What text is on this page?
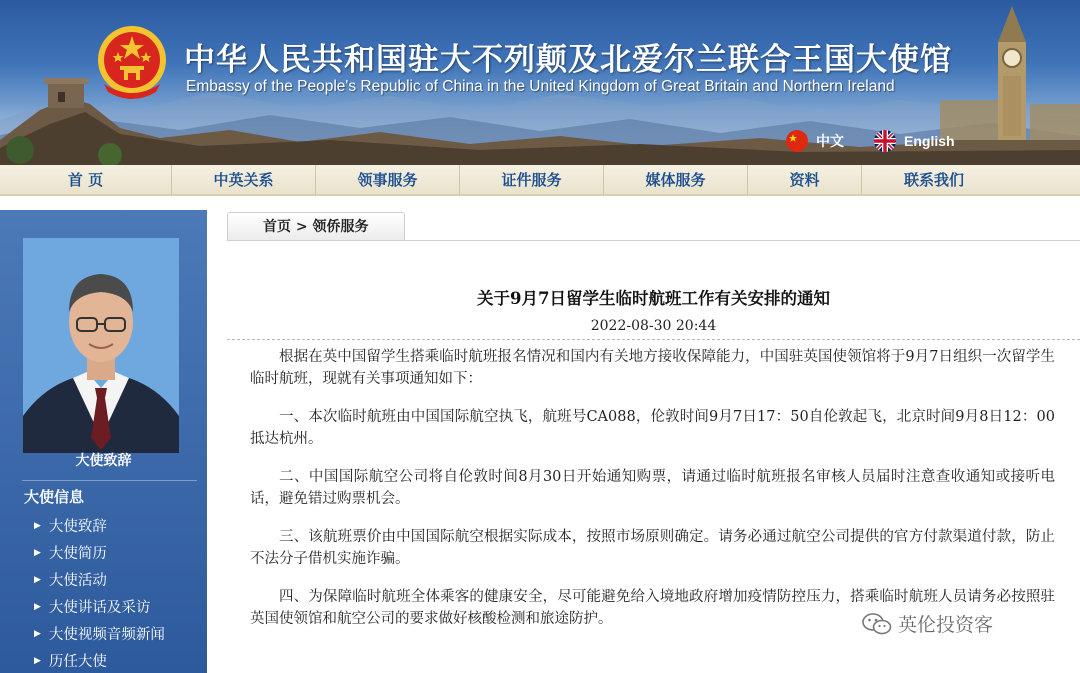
中华人民共和国驻大不列颠及北爱尔兰联合王国大使馆
Embassy of the People's Republic of China in the United Kingdom of Great Britain and Northern Ireland
中文	English
首 页	中英关系	领事服务	证件服务	媒体服务	资料	联系我们
大使致辞
大使信息
▶ 大使致辞
▶ 大使简历
▶ 大使活动
▶ 大使讲话及采访
▶ 大使视频音频新闻
▶ 历任大使
首页 > 领侨服务
关于9月7日留学生临时航班工作有关安排的通知
2022-08-30 20:44

根据在英中国留学生搭乘临时航班报名情况和国内有关地方接收保障能力，中国驻英国使领馆将于9月7日组织一次留学生临时航班，现就有关事项通知如下：

一、本次临时航班由中国国际航空执飞，航班号CA088，伦敦时间9月7日17：50自伦敦起飞，北京时间9月8日12：00抵达杭州。

二、中国国际航空公司将自伦敦时间8月30日开始通知购票，请通过临时航班报名审核人员届时注意查收通知或接听电话，避免错过购票机会。

三、该航班票价由中国国际航空根据实际成本，按照市场原则确定。请务必通过航空公司提供的官方付款渠道付款，防止不法分子借机实施诈骗。

四、为保障临时航班全体乘客的健康安全，尽可能避免给入境地政府增加疫情防控压力，搭乘临时航班人员请务必按照驻英国使领馆和航空公司的要求做好核酸检测和旅途防护。	英伦投资客
